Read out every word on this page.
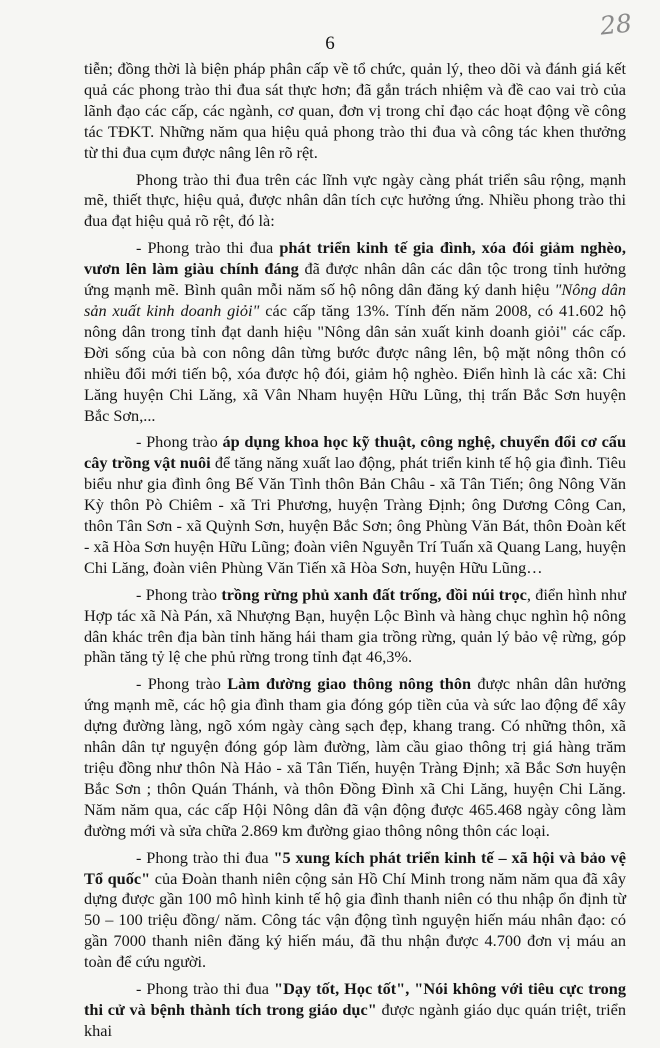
6
28

tiễn; đồng thời là biện pháp phân cấp về tổ chức, quản lý, theo dõi và đánh giá kết quả các phong trào thi đua sát thực hơn; đã gắn trách nhiệm và đề cao vai trò của lãnh đạo các cấp, các ngành, cơ quan, đơn vị trong chỉ đạo các hoạt động về công tác TĐKT. Những năm qua hiệu quả phong trào thi đua và công tác khen thưởng từ thi đua cụm được nâng lên rõ rệt.

Phong trào thi đua trên các lĩnh vực ngày càng phát triển sâu rộng, mạnh mẽ, thiết thực, hiệu quả, được nhân dân tích cực hưởng ứng. Nhiều phong trào thi đua đạt hiệu quả rõ rệt, đó là:

- Phong trào thi đua phát triển kinh tế gia đình, xóa đói giảm nghèo, vươn lên làm giàu chính đáng đã được nhân dân các dân tộc trong tỉnh hưởng ứng mạnh mẽ. Bình quân mỗi năm số hộ nông dân đăng ký danh hiệu "Nông dân sản xuất kinh doanh giỏi" các cấp tăng 13%. Tính đến năm 2008, có 41.602 hộ nông dân trong tỉnh đạt danh hiệu "Nông dân sản xuất kinh doanh giỏi" các cấp. Đời sống của bà con nông dân từng bước được nâng lên, bộ mặt nông thôn có nhiều đổi mới tiến bộ, xóa được hộ đói, giảm hộ nghèo. Điển hình là các xã: Chi Lăng huyện Chi Lăng, xã Vân Nham huyện Hữu Lũng, thị trấn Bắc Sơn huyện Bắc Sơn,...

- Phong trào áp dụng khoa học kỹ thuật, công nghệ, chuyển đổi cơ cấu cây trồng vật nuôi để tăng năng xuất lao động, phát triển kinh tế hộ gia đình. Tiêu biểu như gia đình ông Bế Văn Tình thôn Bản Châu - xã Tân Tiến; ông Nông Văn Kỳ thôn Pò Chiêm - xã Tri Phương, huyện Tràng Định; ông Dương Công Can, thôn Tân Sơn - xã Quỳnh Sơn, huyện Bắc Sơn; ông Phùng Văn Bát, thôn Đoàn kết - xã Hòa Sơn huyện Hữu Lũng; đoàn viên Nguyễn Trí Tuấn xã Quang Lang, huyện Chi Lăng, đoàn viên Phùng Văn Tiến xã Hòa Sơn, huyện Hữu Lũng…

- Phong trào trồng rừng phủ xanh đất trống, đồi núi trọc, điển hình như Hợp tác xã Nà Pán, xã Nhượng Bạn, huyện Lộc Bình và hàng chục nghìn hộ nông dân khác trên địa bàn tỉnh hăng hái tham gia trồng rừng, quản lý bảo vệ rừng, góp phần tăng tỷ lệ che phủ rừng trong tỉnh đạt 46,3%.

- Phong trào Làm đường giao thông nông thôn được nhân dân hưởng ứng mạnh mẽ, các hộ gia đình tham gia đóng góp tiền của và sức lao động để xây dựng đường làng, ngõ xóm ngày càng sạch đẹp, khang trang. Có những thôn, xã nhân dân tự nguyện đóng góp làm đường, làm cầu giao thông trị giá hàng trăm triệu đồng như thôn Nà Hảo - xã Tân Tiến, huyện Tràng Định; xã Bắc Sơn huyện Bắc Sơn ; thôn Quán Thánh, và thôn Đồng Đình xã Chi Lăng, huyện Chi Lăng. Năm năm qua, các cấp Hội Nông dân đã vận động được 465.468 ngày công làm đường mới và sửa chữa 2.869 km đường giao thông nông thôn các loại.

- Phong trào thi đua "5 xung kích phát triển kinh tế – xã hội và bảo vệ Tổ quốc" của Đoàn thanh niên cộng sản Hồ Chí Minh trong năm năm qua đã xây dựng được gần 100 mô hình kinh tế hộ gia đình thanh niên có thu nhập ổn định từ 50 – 100 triệu đồng/ năm. Công tác vận động tình nguyện hiến máu nhân đạo: có gần 7000 thanh niên đăng ký hiến máu, đã thu nhận được 4.700 đơn vị máu an toàn để cứu người.

- Phong trào thi đua "Dạy tốt, Học tốt", "Nói không với tiêu cực trong thi cử và bệnh thành tích trong giáo dục" được ngành giáo dục quán triệt, triển khai
